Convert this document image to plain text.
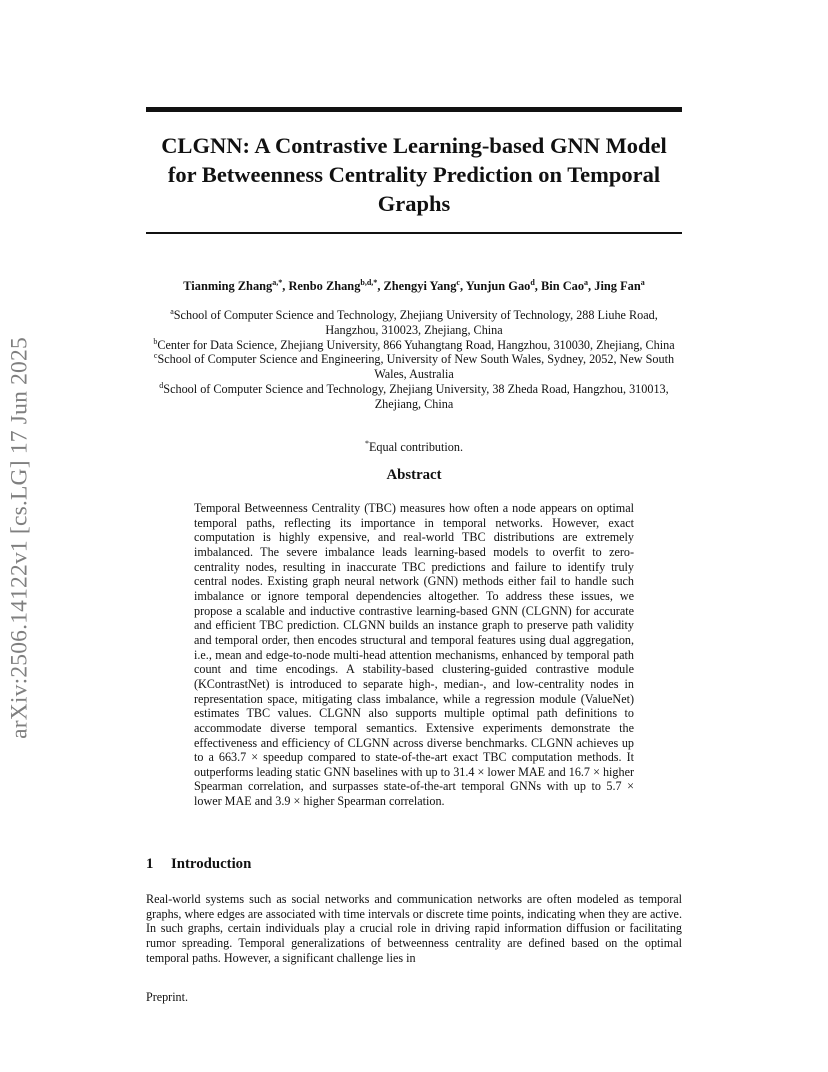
arXiv:2506.14122v1 [cs.LG] 17 Jun 2025
CLGNN: A Contrastive Learning-based GNN Model
for Betweenness Centrality Prediction on Temporal
Graphs
Tianming Zhang$^{a,*}$, Renbo Zhang$^{b,d,*}$, Zhengyi Yang$^c$, Yunjun Gao$^d$, Bin Cao$^a$, Jing Fan$^a$

$^a$School of Computer Science and Technology, Zhejiang University of Technology, 288 Liuhe Road, Hangzhou, 310023, Zhejiang, China

$^b$Center for Data Science, Zhejiang University, 866 Yuhangtang Road, Hangzhou, 310030, Zhejiang, China

$^c$School of Computer Science and Engineering, University of New South Wales, Sydney, 2052, New South Wales, Australia

$^d$School of Computer Science and Technology, Zhejiang University, 38 Zheda Road, Hangzhou, 310013, Zhejiang, China

*Equal contribution.
Abstract

Temporal Betweenness Centrality (TBC) measures how often a node appears on optimal temporal paths, reflecting its importance in temporal networks. However, exact computation is highly expensive, and real-world TBC distributions are extremely imbalanced. The severe imbalance leads learning-based models to overfit to zero-centrality nodes, resulting in inaccurate TBC predictions and failure to identify truly central nodes. Existing graph neural network (GNN) methods either fail to handle such imbalance or ignore temporal dependencies altogether. To address these issues, we propose a scalable and inductive contrastive learning-based GNN (CLGNN) for accurate and efficient TBC prediction. CLGNN builds an instance graph to preserve path validity and temporal order, then encodes structural and temporal features using dual aggregation, i.e., mean and edge-to-node multi-head attention mechanisms, enhanced by temporal path count and time encodings. A stability-based clustering-guided contrastive module (KContrastNet) is introduced to separate high-, median-, and low-centrality nodes in representation space, mitigating class imbalance, while a regression module (ValueNet) estimates TBC values. CLGNN also supports multiple optimal path definitions to accommodate diverse temporal semantics. Extensive experiments demonstrate the effectiveness and efficiency of CLGNN across diverse benchmarks. CLGNN achieves up to a 663.7 × speedup compared to state-of-the-art exact TBC computation methods. It outperforms leading static GNN baselines with up to 31.4 × lower MAE and 16.7 × higher Spearman correlation, and surpasses state-of-the-art temporal GNNs with up to 5.7 × lower MAE and 3.9 × higher Spearman correlation.

1 Introduction

Real-world systems such as social networks and communication networks are often modeled as temporal graphs, where edges are associated with time intervals or discrete time points, indicating when they are active. In such graphs, certain individuals play a crucial role in driving rapid information diffusion or facilitating rumor spreading. Temporal generalizations of betweenness centrality are defined based on the optimal temporal paths. However, a significant challenge lies in

Preprint.
